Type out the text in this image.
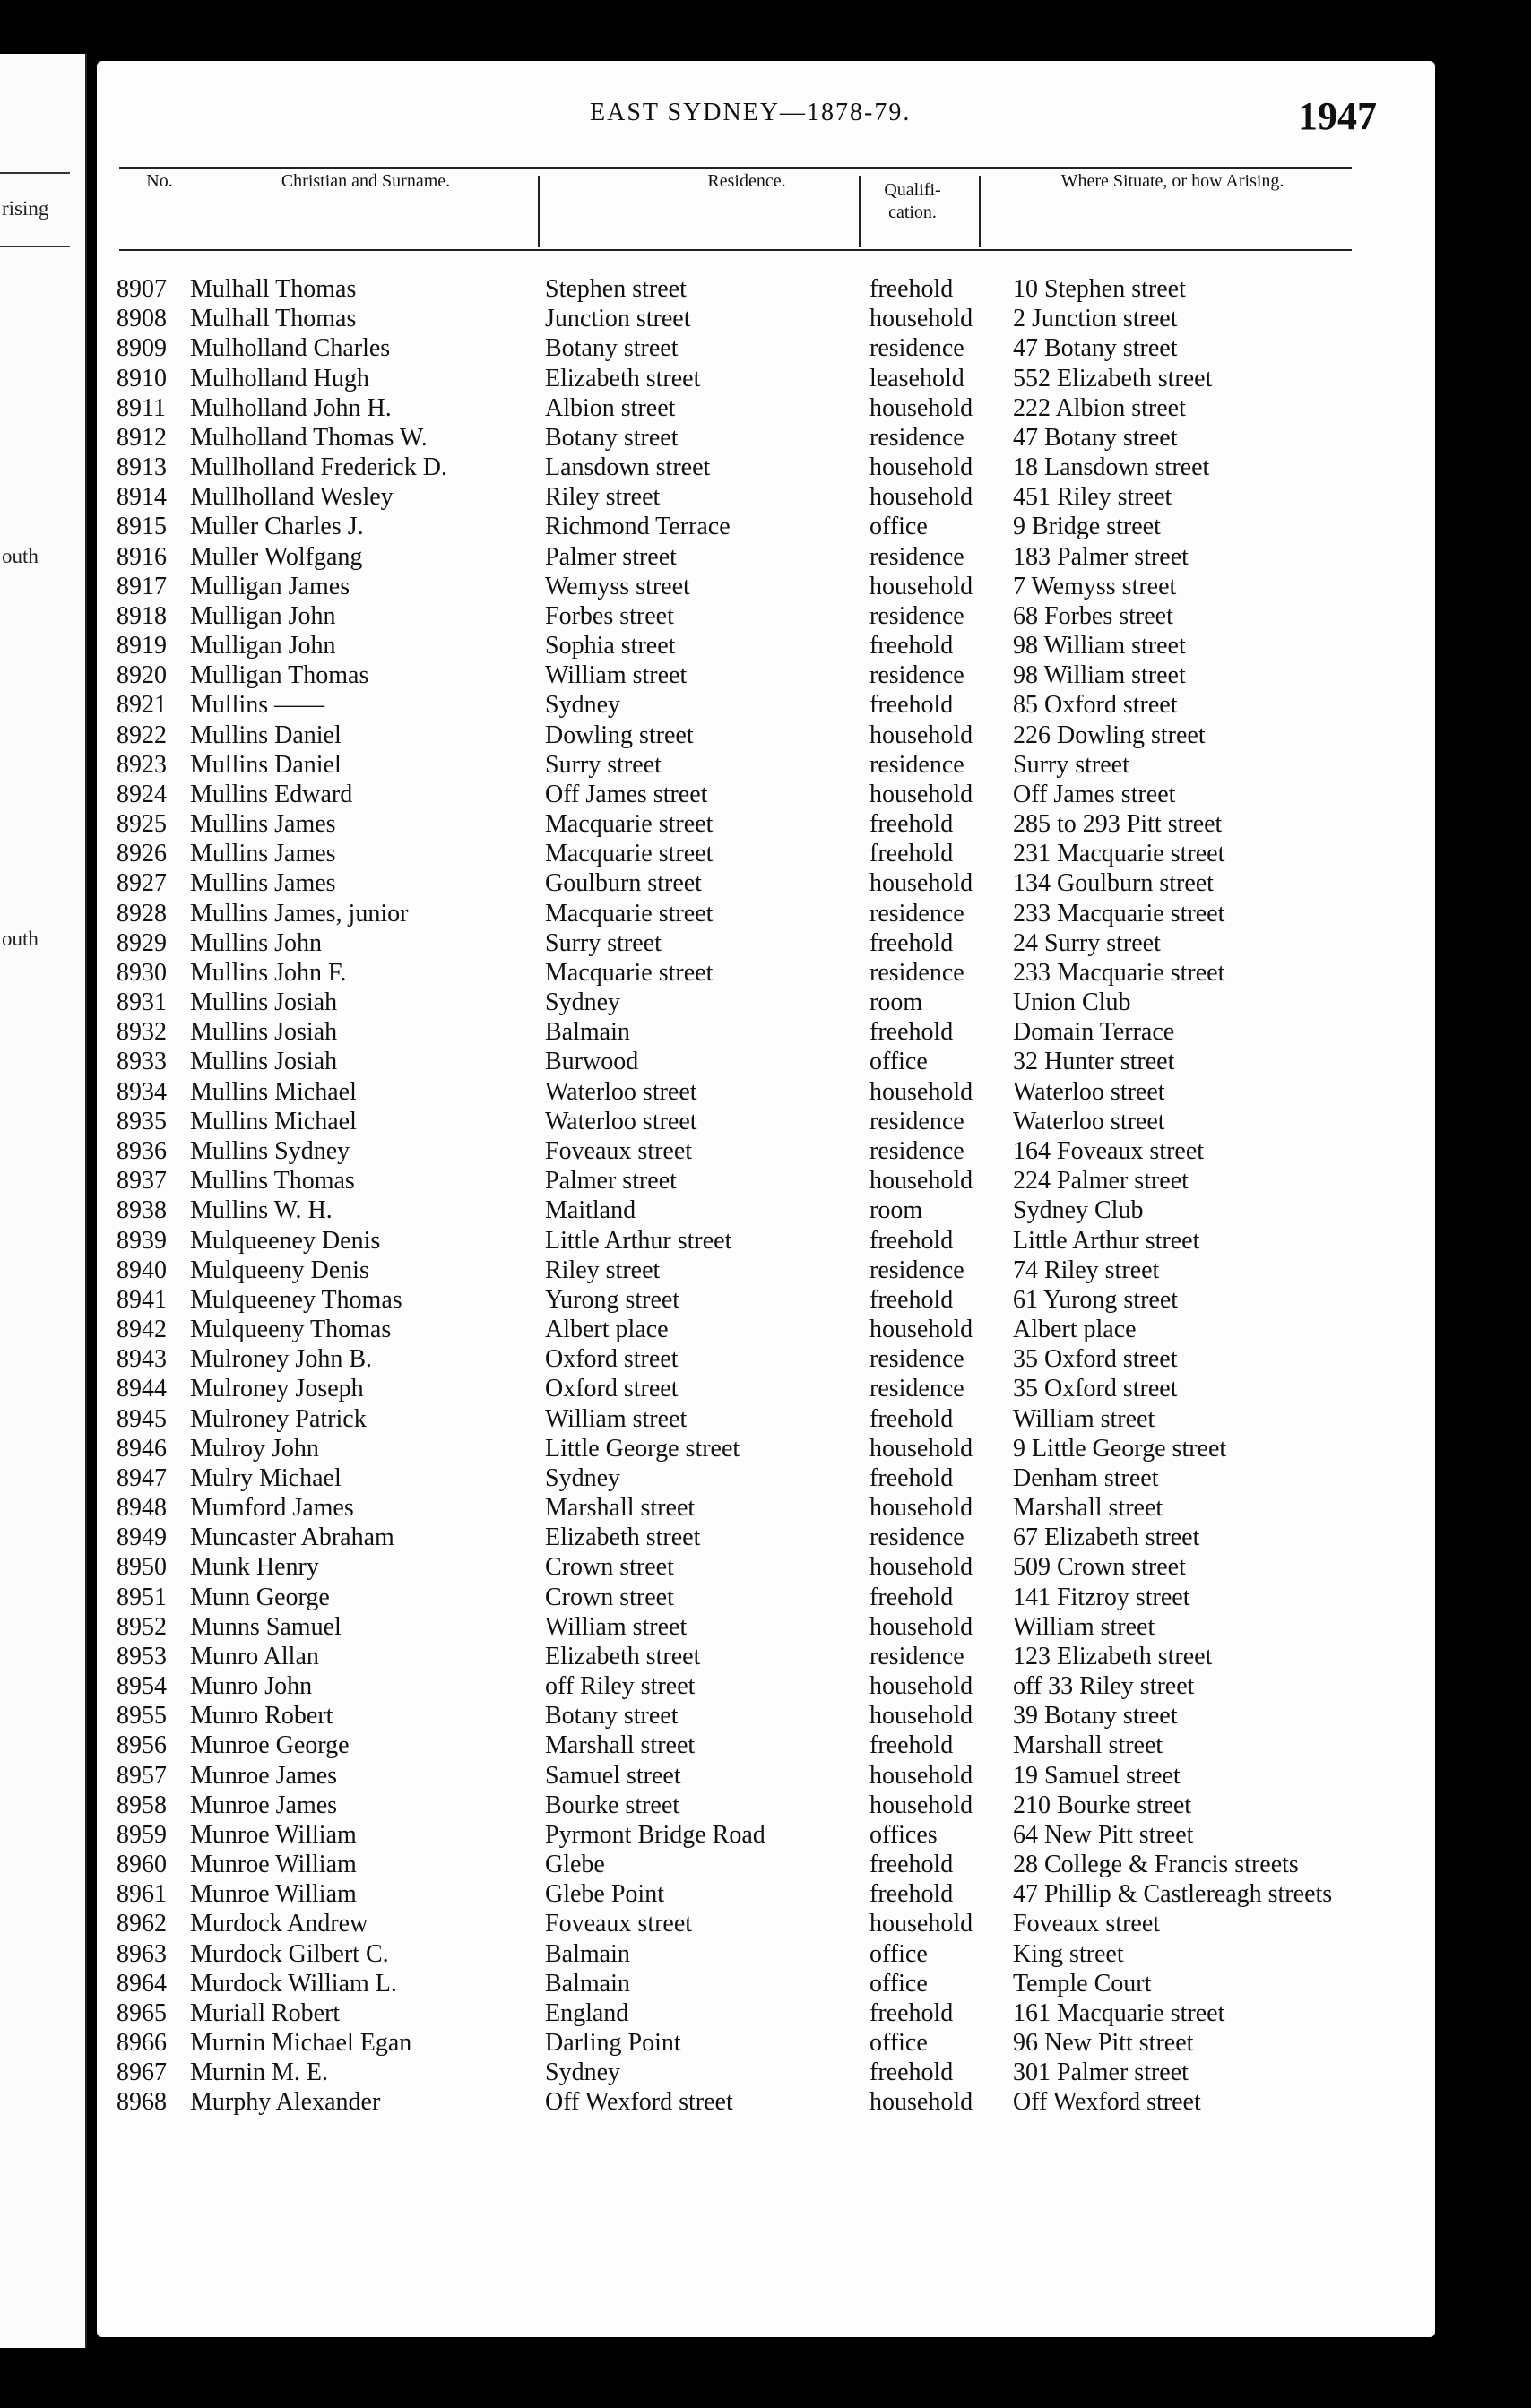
rising
outh
outh
EAST SYDNEY—1878-79.	1947
No.	Christian and Surname.	Residence.	Qualifi-
cation.
Where Situate, or how Arising.
8907 Mulhall Thomas	Stephen street	freehold 10 Stephen street
8908 Mulhall Thomas	Junction street	household 2 Junction street
8909 Mulholland Charles	Botany street	residence 47 Botany street
8910 Mulholland Hugh	Elizabeth street	leasehold 552 Elizabeth street
8911 Mulholland John H.	Albion street	household 222 Albion street
8912 Mulholland Thomas W.	Botany street	residence 47 Botany street
8913 Mullholland Frederick D.	Lansdown street	household 18 Lansdown street
8914 Mullholland Wesley	Riley street	household 451 Riley street
8915 Muller Charles J.	Richmond Terrace	office	9 Bridge street
8916 Muller Wolfgang	Palmer street	residence 183 Palmer street
8917 Mulligan James	Wemyss street	household 7 Wemyss street
8918 Mulligan John	Forbes street	residence 68 Forbes street
8919 Mulligan John	Sophia street	freehold 98 William street
8920 Mulligan Thomas	William street	residence 98 William street
8921 Mullins ——	Sydney	freehold 85 Oxford street
8922 Mullins Daniel	Dowling street	household 226 Dowling street
8923 Mullins Daniel	Surry street	residence Surry street
8924 Mullins Edward	Off James street	household Off James street
8925 Mullins James	Macquarie street	freehold 285 to 293 Pitt street
8926 Mullins James	Macquarie street	freehold 231 Macquarie street
8927 Mullins James	Goulburn street	household 134 Goulburn street
8928 Mullins James, junior	Macquarie street	residence 233 Macquarie street
8929 Mullins John	Surry street	freehold 24 Surry street
8930 Mullins John F.	Macquarie street	residence 233 Macquarie street
8931 Mullins Josiah	Sydney	room	Union Club
8932 Mullins Josiah	Balmain	freehold Domain Terrace
8933 Mullins Josiah	Burwood	office	32 Hunter street
8934 Mullins Michael	Waterloo street	household Waterloo street
8935 Mullins Michael	Waterloo street	residence Waterloo street
8936 Mullins Sydney	Foveaux street	residence 164 Foveaux street
8937 Mullins Thomas	Palmer street	household 224 Palmer street
8938 Mullins W. H.	Maitland	room	Sydney Club
8939 Mulqueeney Denis	Little Arthur street	freehold Little Arthur street
8940 Mulqueeny Denis	Riley street	residence 74 Riley street
8941 Mulqueeney Thomas	Yurong street	freehold 61 Yurong street
8942 Mulqueeny Thomas	Albert place	household Albert place
8943 Mulroney John B.	Oxford street	residence 35 Oxford street
8944 Mulroney Joseph	Oxford street	residence 35 Oxford street
8945 Mulroney Patrick	William street	freehold William street
8946 Mulroy John	Little George street	household 9 Little George street
8947 Mulry Michael	Sydney	freehold Denham street
8948 Mumford James	Marshall street	household Marshall street
8949 Muncaster Abraham	Elizabeth street	residence 67 Elizabeth street
8950 Munk Henry	Crown street	household 509 Crown street
8951 Munn George	Crown street	freehold 141 Fitzroy street
8952 Munns Samuel	William street	household William street
8953 Munro Allan	Elizabeth street	residence 123 Elizabeth street
8954 Munro John	off Riley street	household off 33 Riley street
8955 Munro Robert	Botany street	household 39 Botany street
8956 Munroe George	Marshall street	freehold Marshall street
8957 Munroe James	Samuel street	household 19 Samuel street
8958 Munroe James	Bourke street	household 210 Bourke street
8959 Munroe William	Pyrmont Bridge Road	offices	64 New Pitt street
8960 Munroe William	Glebe	freehold 28 College & Francis streets
8961 Munroe William	Glebe Point	freehold 47 Phillip & Castlereagh streets
8962 Murdock Andrew	Foveaux street	household Foveaux street
8963 Murdock Gilbert C.	Balmain	office	King street
8964 Murdock William L.	Balmain	office	Temple Court
8965 Muriall Robert	England	freehold 161 Macquarie street
8966 Murnin Michael Egan	Darling Point	office	96 New Pitt street
8967 Murnin M. E.	Sydney	freehold 301 Palmer street
8968 Murphy Alexander	Off Wexford street	household Off Wexford street
